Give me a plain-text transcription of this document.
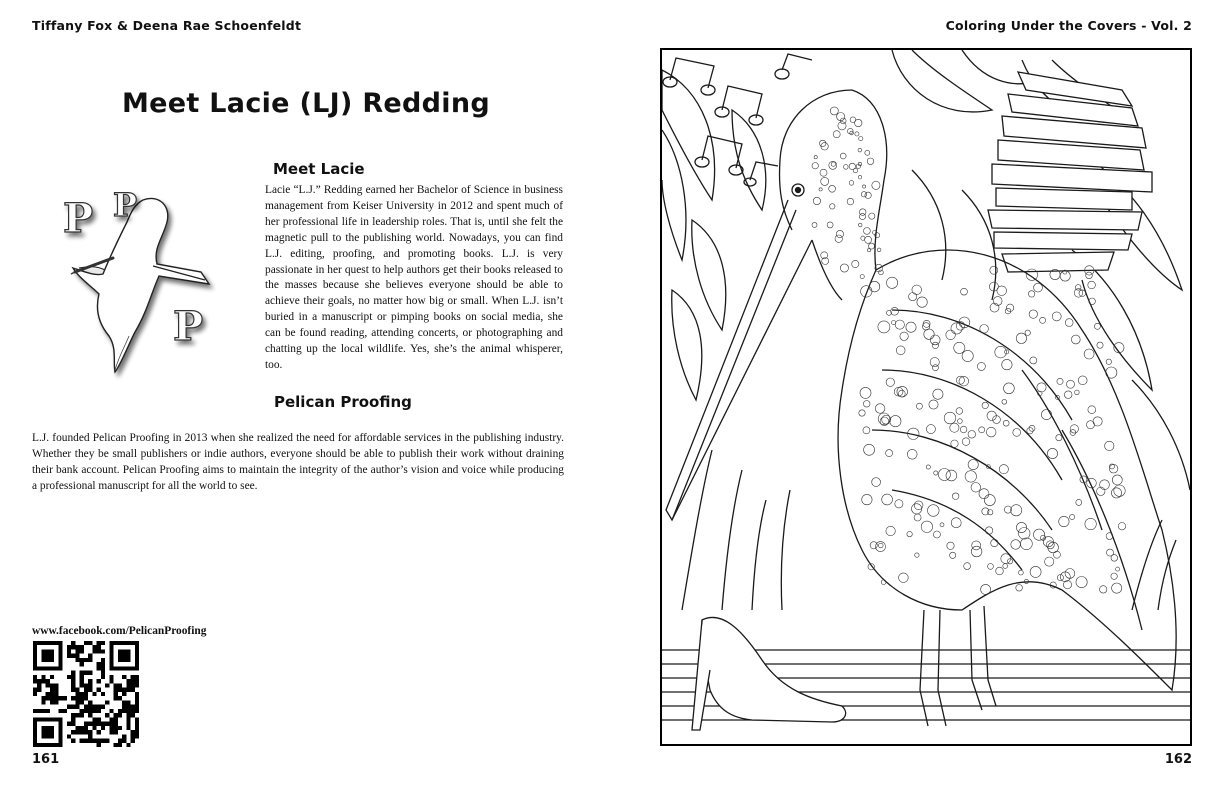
Tiffany Fox & Deena Rae Schoenfeldt
Meet Lacie (LJ) Redding
Meet Lacie
P P
P

Lacie “L.J.” Redding earned her Bachelor of Science in business management from Keiser University in 2012 and spent much of her professional life in leadership roles. That is, until she felt the magnetic pull to the publishing world. Nowadays, you can find L.J. editing, proofing, and promoting books. L.J. is very passionate in her quest to help authors get their books released to the masses because she believes everyone should be able to achieve their goals, no matter how big or small. When L.J. isn’t buried in a manuscript or pimping books on social media, she can be found reading, attending concerts, or photographing and chatting up the local wildlife. Yes, she’s the animal whisperer, too.

Pelican Proofing

L.J. founded Pelican Proofing in 2013 when she realized the need for affordable services in the publishing industry. Whether they be small publishers or indie authors, everyone should be able to publish their work without draining their bank account. Pelican Proofing aims to maintain the integrity of the author’s vision and voice while producing a professional manuscript for all the world to see.

www.facebook.com/PelicanProofing
161
Coloring Under the Covers - Vol. 2
162
